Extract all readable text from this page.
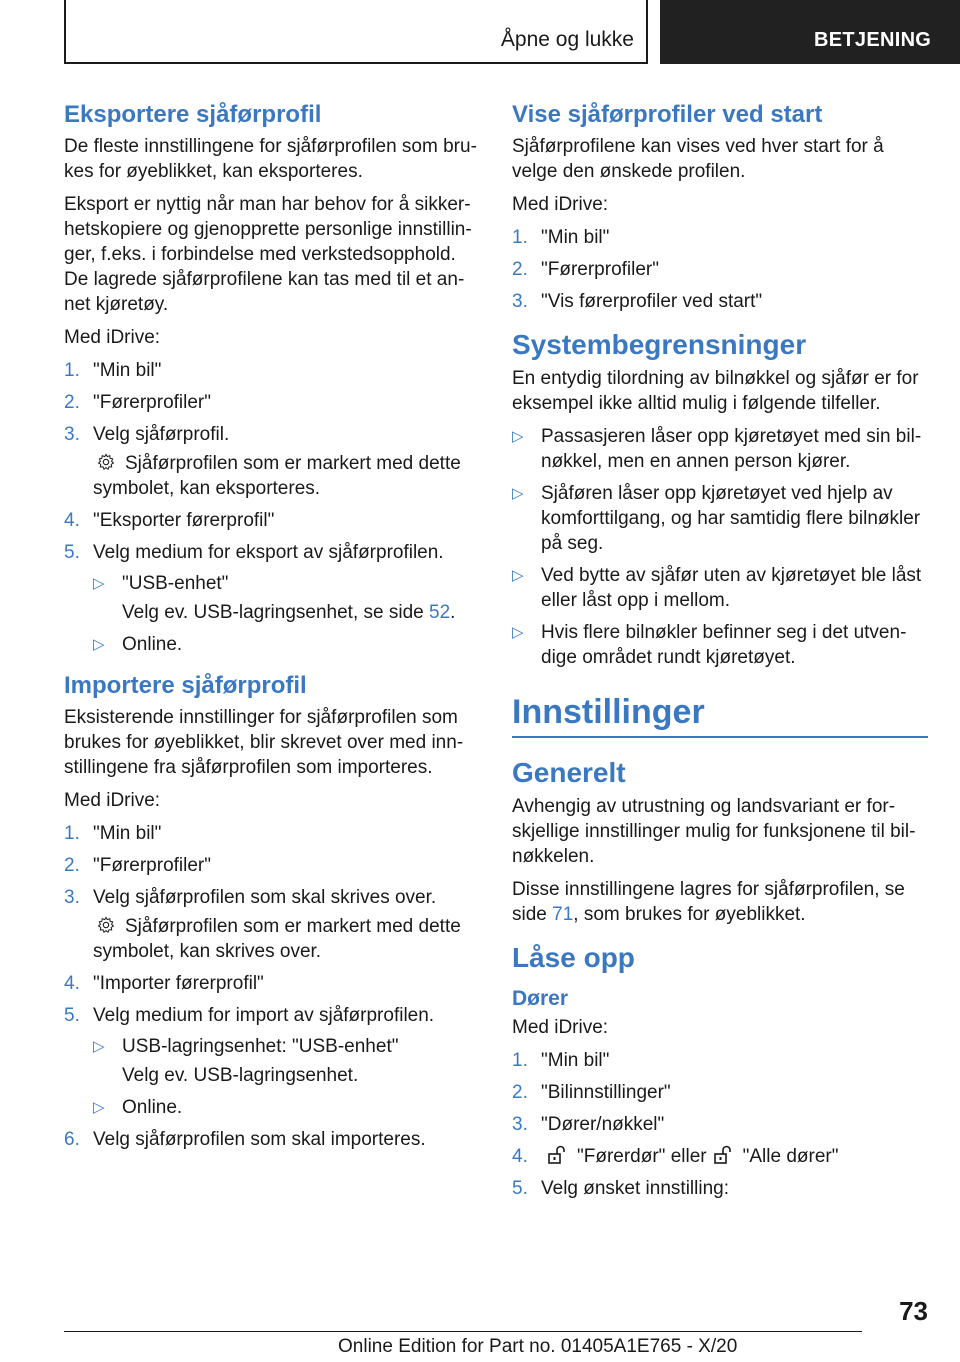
Åpne og lukke	BETJENING
Eksportere sjåførprofil

De fleste innstillingene for sjåførprofilen som brukes for øyeblikket, kan eksporteres.

Eksport er nyttig når man har behov for å sikkerhetskopiere og gjenopprette personlige innstillinger, f.eks. i forbindelse med verkstedsopphold. De lagrede sjåførprofilene kan tas med til et annet kjøretøy.

Med iDrive:

1. "Min bil"
2. "Førerprofiler"
3. Velg sjåførprofil.
Sjåførprofilen som er markert med dette symbolet, kan eksporteres.
4. "Eksporter førerprofil"
5. Velg medium for eksport av sjåførprofilen.
▷ "USB-enhet"
Velg ev. USB-lagringsenhet, se side 52.
▷ Online.
Importere sjåførprofil

Eksisterende innstillinger for sjåførprofilen som brukes for øyeblikket, blir skrevet over med innstillingene fra sjåførprofilen som importeres.

Med iDrive:

1. "Min bil"
2. "Førerprofiler"
3. Velg sjåførprofilen som skal skrives over.
Sjåførprofilen som er markert med dette symbolet, kan skrives over.
4. "Importer førerprofil"
5. Velg medium for import av sjåførprofilen.
▷ USB-lagringsenhet: "USB-enhet"
Velg ev. USB-lagringsenhet.
▷ Online.
6. Velg sjåførprofilen som skal importeres.
Vise sjåførprofiler ved start

Sjåførprofilene kan vises ved hver start for å velge den ønskede profilen.

Med iDrive:

1. "Min bil"
2. "Førerprofiler"
3. "Vis førerprofiler ved start"
Systembegrensninger

En entydig tilordning av bilnøkkel og sjåfør er for eksempel ikke alltid mulig i følgende tilfeller.

▷ Passasjeren låser opp kjøretøyet med sin bilnøkkel, men en annen person kjører.
▷ Sjåføren låser opp kjøretøyet ved hjelp av komforttilgang, og har samtidig flere bilnøkler på seg.
▷ Ved bytte av sjåfør uten av kjøretøyet ble låst eller låst opp i mellom.
▷ Hvis flere bilnøkler befinner seg i det utvendige området rundt kjøretøyet.
Innstillinger
Generelt

Avhengig av utrustning og landsvariant er forskjellige innstillinger mulig for funksjonene til bilnøkkelen.

Disse innstillingene lagres for sjåførprofilen, se side 71, som brukes for øyeblikket.

Låse opp
Dører

Med iDrive:

1. "Min bil"
2. "Bilinnstillinger"
3. "Dører/nøkkel"
4.	"Førerdør" eller "Alle dører"
5. Velg ønsket innstilling:
73
Online Edition for Part no. 01405A1E765 - X/20
